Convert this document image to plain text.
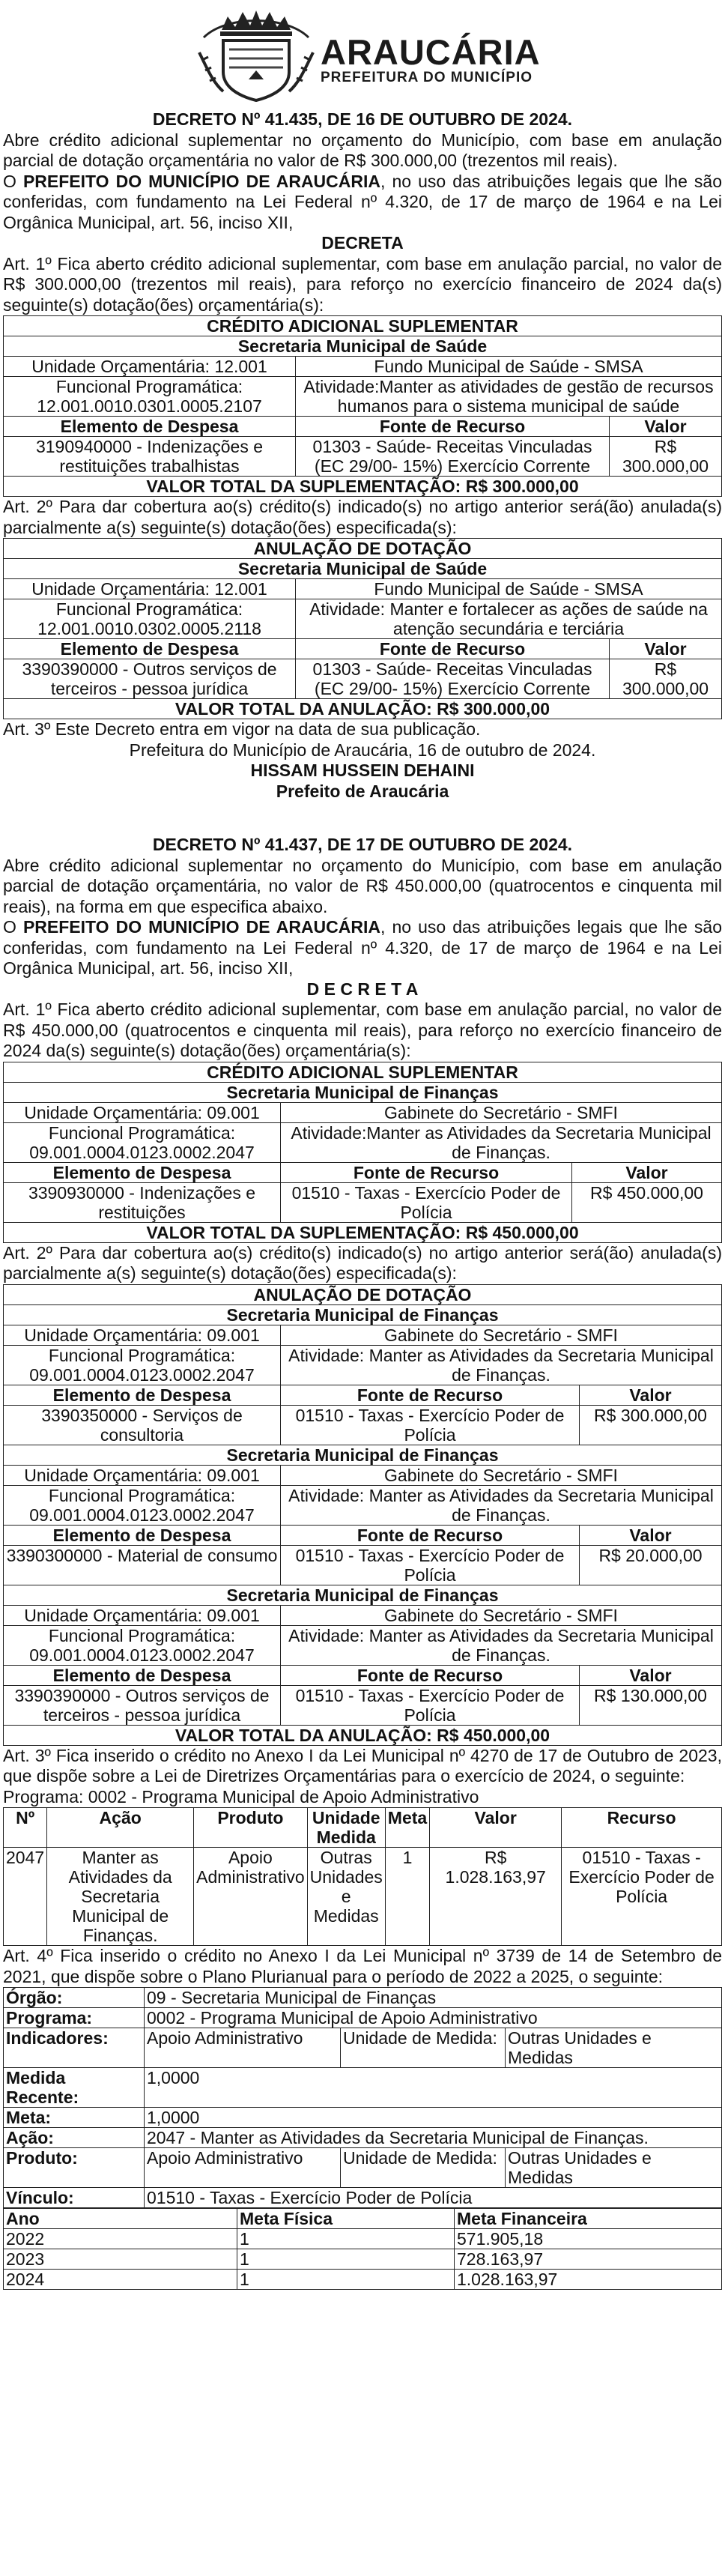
ARAUCÁRIA
PREFEITURA DO MUNICÍPIO
DECRETO Nº 41.435, DE 16 DE OUTUBRO DE 2024.
Abre crédito adicional suplementar no orçamento do Município, com base em anulação parcial de dotação orçamentária no valor de R$ 300.000,00 (trezentos mil reais).
O PREFEITO DO MUNICÍPIO DE ARAUCÁRIA, no uso das atribuições legais que lhe são conferidas, com fundamento na Lei Federal nº 4.320, de 17 de março de 1964 e na Lei Orgânica Municipal, art. 56, inciso XII,
DECRETA
Art. 1º Fica aberto crédito adicional suplementar, com base em anulação parcial, no valor de R$ 300.000,00 (trezentos mil reais), para reforço no exercício financeiro de 2024 da(s) seguinte(s) dotação(ões) orçamentária(s):
CRÉDITO ADICIONAL SUPLEMENTAR		
Secretaria Municipal de Saúde		
Unidade Orçamentária: 12.001	Fundo Municipal de Saúde - SMSA	
Funcional Programática: 12.001.0010.0301.0005.2107	Atividade:Manter as atividades de gestão de recursos humanos para o sistema municipal de saúde	
Elemento de Despesa	Fonte de Recurso	Valor
3190940000 - Indenizações e restituições trabalhistas	01303 - Saúde- Receitas Vinculadas (EC 29/00- 15%) Exercício Corrente	R$ 300.000,00
VALOR TOTAL DA SUPLEMENTAÇÃO: R$ 300.000,00		
Art. 2º Para dar cobertura ao(s) crédito(s) indicado(s) no artigo anterior será(ão) anulada(s) parcialmente a(s) seguinte(s) dotação(ões) especificada(s):
ANULAÇÃO DE DOTAÇÃO		
Secretaria Municipal de Saúde		
Unidade Orçamentária: 12.001	Fundo Municipal de Saúde - SMSA	
Funcional Programática: 12.001.0010.0302.0005.2118	Atividade: Manter e fortalecer as ações de saúde na atenção secundária e terciária	
Elemento de Despesa	Fonte de Recurso	Valor
3390390000 - Outros serviços de terceiros - pessoa jurídica	01303 - Saúde- Receitas Vinculadas (EC 29/00- 15%) Exercício Corrente	R$ 300.000,00
VALOR TOTAL DA ANULAÇÃO: R$ 300.000,00		
Art. 3º Este Decreto entra em vigor na data de sua publicação.
Prefeitura do Município de Araucária, 16 de outubro de 2024.
HISSAM HUSSEIN DEHAINI
Prefeito de Araucária
DECRETO Nº 41.437, DE 17 DE OUTUBRO DE 2024.
Abre crédito adicional suplementar no orçamento do Município, com base em anulação parcial de dotação orçamentária, no valor de R$ 450.000,00 (quatrocentos e cinquenta mil reais), na forma em que especifica abaixo.
O PREFEITO DO MUNICÍPIO DE ARAUCÁRIA, no uso das atribuições legais que lhe são conferidas, com fundamento na Lei Federal nº 4.320, de 17 de março de 1964 e na Lei Orgânica Municipal, art. 56, inciso XII,
D E C R E T A
Art. 1º Fica aberto crédito adicional suplementar, com base em anulação parcial, no valor de R$ 450.000,00 (quatrocentos e cinquenta mil reais), para reforço no exercício financeiro de 2024 da(s) seguinte(s) dotação(ões) orçamentária(s):
CRÉDITO ADICIONAL SUPLEMENTAR		
Secretaria Municipal de Finanças		
Unidade Orçamentária: 09.001	Gabinete do Secretário - SMFI	
Funcional Programática: 09.001.0004.0123.0002.2047	Atividade:Manter as Atividades da Secretaria Municipal de Finanças.	
Elemento de Despesa	Fonte de Recurso	Valor
3390930000 - Indenizações e restituições	01510 - Taxas - Exercício Poder de Polícia	R$ 450.000,00
VALOR TOTAL DA SUPLEMENTAÇÃO: R$ 450.000,00		
Art. 2º Para dar cobertura ao(s) crédito(s) indicado(s) no artigo anterior será(ão) anulada(s) parcialmente a(s) seguinte(s) dotação(ões) especificada(s):
ANULAÇÃO DE DOTAÇÃO		
Secretaria Municipal de Finanças		
Unidade Orçamentária: 09.001	Gabinete do Secretário - SMFI	
Funcional Programática: 09.001.0004.0123.0002.2047	Atividade: Manter as Atividades da Secretaria Municipal de Finanças.	
Elemento de Despesa	Fonte de Recurso	Valor
3390350000 - Serviços de consultoria	01510 - Taxas - Exercício Poder de Polícia	R$ 300.000,00
Secretaria Municipal de Finanças		
Unidade Orçamentária: 09.001	Gabinete do Secretário - SMFI	
Funcional Programática: 09.001.0004.0123.0002.2047	Atividade: Manter as Atividades da Secretaria Municipal de Finanças.	
Elemento de Despesa	Fonte de Recurso	Valor
3390300000 - Material de consumo	01510 - Taxas - Exercício Poder de Polícia	R$ 20.000,00
Secretaria Municipal de Finanças		
Unidade Orçamentária: 09.001	Gabinete do Secretário - SMFI	
Funcional Programática: 09.001.0004.0123.0002.2047	Atividade: Manter as Atividades da Secretaria Municipal de Finanças.	
Elemento de Despesa	Fonte de Recurso	Valor
3390390000 - Outros serviços de terceiros - pessoa jurídica	01510 - Taxas - Exercício Poder de Polícia	R$ 130.000,00
VALOR TOTAL DA ANULAÇÃO: R$ 450.000,00		
Art. 3º Fica inserido o crédito no Anexo I da Lei Municipal nº 4270 de 17 de Outubro de 2023, que dispõe sobre a Lei de Diretrizes Orçamentárias para o exercício de 2024, o seguinte:
Programa: 0002 - Programa Municipal de Apoio Administrativo
Nº	Ação	Produto	Unidade Medida	Meta	Valor	Recurso
2047	Manter as Atividades da Secretaria Municipal de Finanças.	Apoio Administrativo	Outras Unidades e Medidas	1	R$ 1.028.163,97	01510 - Taxas - Exercício Poder de Polícia
Art. 4º Fica inserido o crédito no Anexo I da Lei Municipal nº 3739 de 14 de Setembro de 2021, que dispõe sobre o Plano Plurianual para o período de 2022 a 2025, o seguinte:
Órgão:	09 - Secretaria Municipal de Finanças		
Programa:	0002 - Programa Municipal de Apoio Administrativo		
Indicadores:	Apoio Administrativo	Unidade de Medida:	Outras Unidades e Medidas
Medida Recente:	1,0000		
Meta:	1,0000		
Ação:	2047 - Manter as Atividades da Secretaria Municipal de Finanças.		
Produto:	Apoio Administrativo	Unidade de Medida:	Outras Unidades e Medidas
Vínculo:	01510 - Taxas - Exercício Poder de Polícia		
Ano	Meta Física	Meta Financeira
2022	1	571.905,18
2023	1	728.163,97
2024	1	1.028.163,97
